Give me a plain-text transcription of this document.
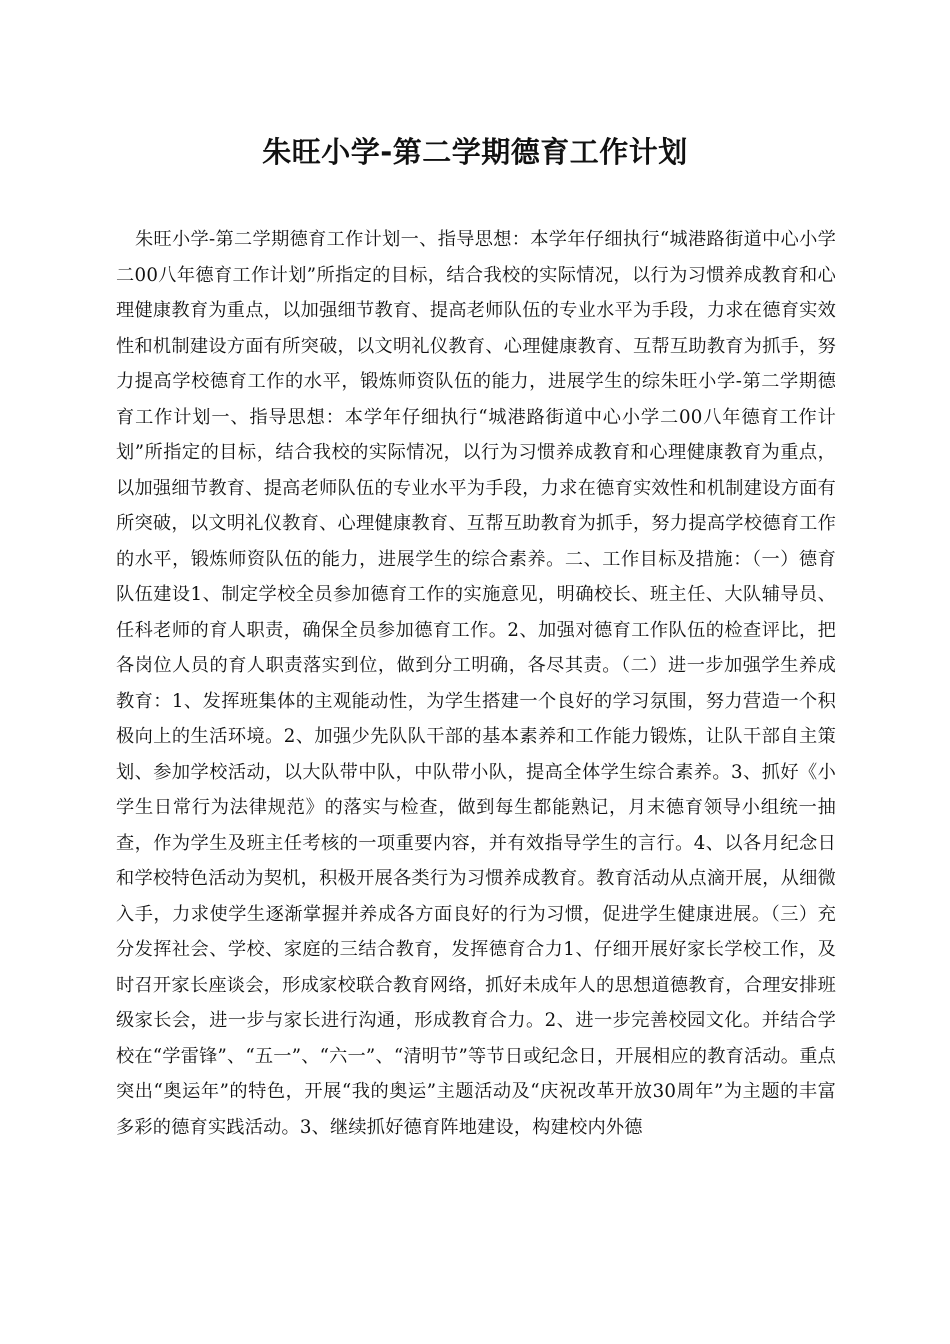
朱旺小学-第二学期德育工作计划

朱旺小学-第二学期德育工作计划一、指导思想：本学年仔细执行“城港路街道中心小学二00八年德育工作计划”所指定的目标，结合我校的实际情况，以行为习惯养成教育和心理健康教育为重点，以加强细节教育、提高老师队伍的专业水平为手段，力求在德育实效性和机制建设方面有所突破，以文明礼仪教育、心理健康教育、互帮互助教育为抓手，努力提高学校德育工作的水平，锻炼师资队伍的能力，进展学生的综朱旺小学-第二学期德育工作计划一、指导思想：本学年仔细执行“城港路街道中心小学二00八年德育工作计划”所指定的目标，结合我校的实际情况，以行为习惯养成教育和心理健康教育为重点，以加强细节教育、提高老师队伍的专业水平为手段，力求在德育实效性和机制建设方面有所突破，以文明礼仪教育、心理健康教育、互帮互助教育为抓手，努力提高学校德育工作的水平，锻炼师资队伍的能力，进展学生的综合素养。二、工作目标及措施：（一）德育队伍建设1、制定学校全员参加德育工作的实施意见，明确校长、班主任、大队辅导员、任科老师的育人职责，确保全员参加德育工作。2、加强对德育工作队伍的检查评比，把各岗位人员的育人职责落实到位，做到分工明确，各尽其责。（二）进一步加强学生养成教育：1、发挥班集体的主观能动性，为学生搭建一个良好的学习氛围，努力营造一个积极向上的生活环境。2、加强少先队队干部的基本素养和工作能力锻炼，让队干部自主策划、参加学校活动，以大队带中队，中队带小队，提高全体学生综合素养。3、抓好《小学生日常行为法律规范》的落实与检查，做到每生都能熟记，月末德育领导小组统一抽查，作为学生及班主任考核的一项重要内容，并有效指导学生的言行。4、以各月纪念日和学校特色活动为契机，积极开展各类行为习惯养成教育。教育活动从点滴开展，从细微入手，力求使学生逐渐掌握并养成各方面良好的行为习惯，促进学生健康进展。（三）充分发挥社会、学校、家庭的三结合教育，发挥德育合力1、仔细开展好家长学校工作，及时召开家长座谈会，形成家校联合教育网络，抓好未成年人的思想道德教育，合理安排班级家长会，进一步与家长进行沟通，形成教育合力。2、进一步完善校园文化。并结合学校在“学雷锋”、“五一”、“六一”、“清明节”等节日或纪念日，开展相应的教育活动。重点突出“奥运年”的特色，开展“我的奥运”主题活动及“庆祝改革开放30周年”为主题的丰富多彩的德育实践活动。3、继续抓好德育阵地建设，构建校内外德
